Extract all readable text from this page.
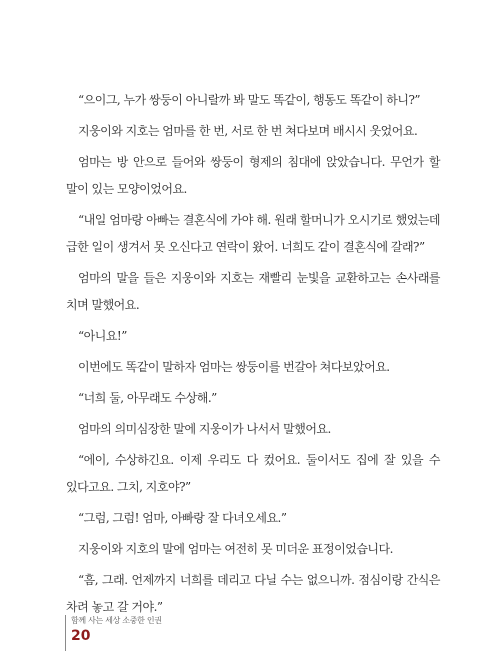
“으이그, 누가 쌍둥이 아니랄까 봐 말도 똑같이, 행동도 똑같이 하니?”

지웅이와 지호는 엄마를 한 번, 서로 한 번 쳐다보며 배시시 웃었어요.

엄마는 방 안으로 들어와 쌍둥이 형제의 침대에 앉았습니다. 무언가 할 말이 있는 모양이었어요.

“내일 엄마랑 아빠는 결혼식에 가야 해. 원래 할머니가 오시기로 했었는데 급한 일이 생겨서 못 오신다고 연락이 왔어. 너희도 같이 결혼식에 갈래?”

엄마의 말을 들은 지웅이와 지호는 재빨리 눈빛을 교환하고는 손사래를 치며 말했어요.

“아니요!”

이번에도 똑같이 말하자 엄마는 쌍둥이를 번갈아 쳐다보았어요.

“너희 둘, 아무래도 수상해.”

엄마의 의미심장한 말에 지웅이가 나서서 말했어요.

“에이, 수상하긴요. 이제 우리도 다 컸어요. 둘이서도 집에 잘 있을 수 있다고요. 그치, 지호야?”

“그럼, 그럼! 엄마, 아빠랑 잘 다녀오세요.”

지웅이와 지호의 말에 엄마는 여전히 못 미더운 표정이었습니다.

“흠, 그래. 언제까지 너희를 데리고 다닐 수는 없으니까. 점심이랑 간식은 차려 놓고 갈 거야.”

함께 사는 세상 소중한 인권
20
